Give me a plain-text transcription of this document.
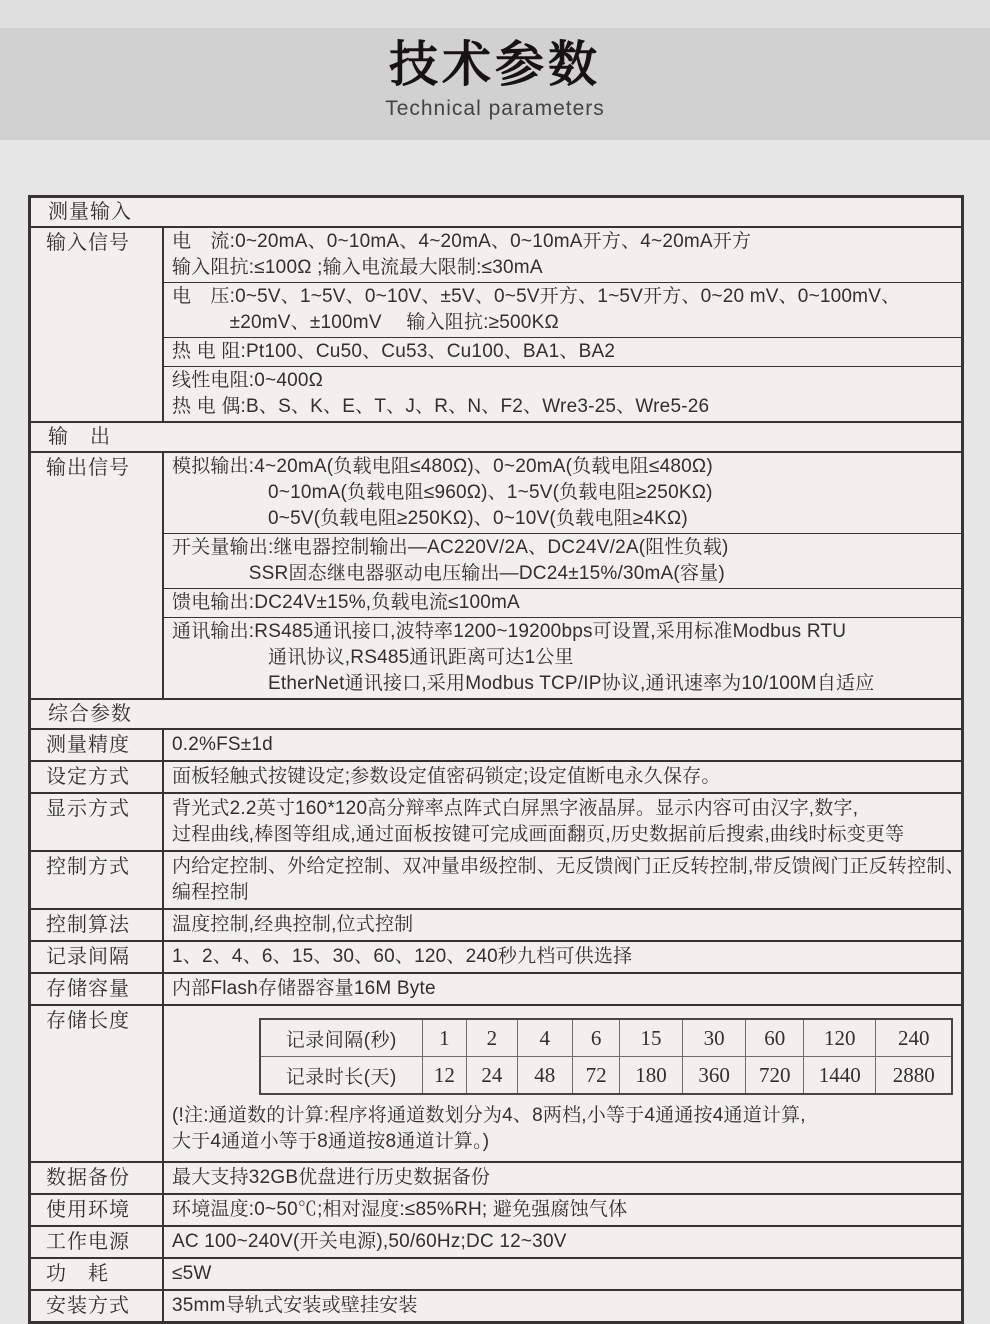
技术参数
Technical parameters
测量输入
输入信号	电　流:0~20mA、0~10mA、4~20mA、0~10mA开方、4~20mA开方
输入阻抗:≤100Ω ;输入电流最大限制:≤30mA
电　压:0~5V、1~5V、0~10V、±5V、0~5V开方、1~5V开方、0~20 mV、0~100mV、
　　　±20mV、±100mV　 输入阻抗:≥500KΩ
热 电 阻:Pt100、Cu50、Cu53、Cu100、BA1、BA2
线性电阻:0~400Ω
热 电 偶:B、S、K、E、T、J、R、N、F2、Wre3-25、Wre5-26
输　出
输出信号	模拟输出:4~20mA(负载电阻≤480Ω)、0~20mA(负载电阻≤480Ω)
　　　　　0~10mA(负载电阻≤960Ω)、1~5V(负载电阻≥250KΩ)
　　　　　0~5V(负载电阻≥250KΩ)、0~10V(负载电阻≥4KΩ)
开关量输出:继电器控制输出—AC220V/2A、DC24V/2A(阻性负载)
　　　　SSR固态继电器驱动电压输出—DC24±15%/30mA(容量)
馈电输出:DC24V±15%,负载电流≤100mA
通讯输出:RS485通讯接口,波特率1200~19200bps可设置,采用标准Modbus RTU
　　　　　通讯协议,RS485通讯距离可达1公里
　　　　　EtherNet通讯接口,采用Modbus TCP/IP协议,通讯速率为10/100M自适应
综合参数
测量精度	0.2%FS±1d
设定方式	面板轻触式按键设定;参数设定值密码锁定;设定值断电永久保存。
显示方式	背光式2.2英寸160*120高分辩率点阵式白屏黑字液晶屏。显示内容可由汉字,数字,
过程曲线,棒图等组成,通过面板按键可完成画面翻页,历史数据前后搜索,曲线时标变更等
控制方式	内给定控制、外给定控制、双冲量串级控制、无反馈阀门正反转控制,带反馈阀门正反转控制、
编程控制
控制算法	温度控制,经典控制,位式控制
记录间隔	1、2、4、6、15、30、60、120、240秒九档可供选择
存储容量	内部Flash存储器容量16M Byte
存储长度
记录间隔(秒)	1	2	4	6	15	30	60	120	240
记录时长(天)	12	24	48	72	180	360	720	1440	2880
(!注:通道数的计算:程序将通道数划分为4、8两档,小等于4通通按4通道计算,
大于4通道小等于8通道按8通道计算。)
数据备份	最大支持32GB优盘进行历史数据备份
使用环境	环境温度:0~50℃;相对湿度:≤85%RH; 避免强腐蚀气体
工作电源	AC 100~240V(开关电源),50/60Hz;DC 12~30V
功　耗	≤5W
安装方式	35mm导轨式安装或壁挂安装
